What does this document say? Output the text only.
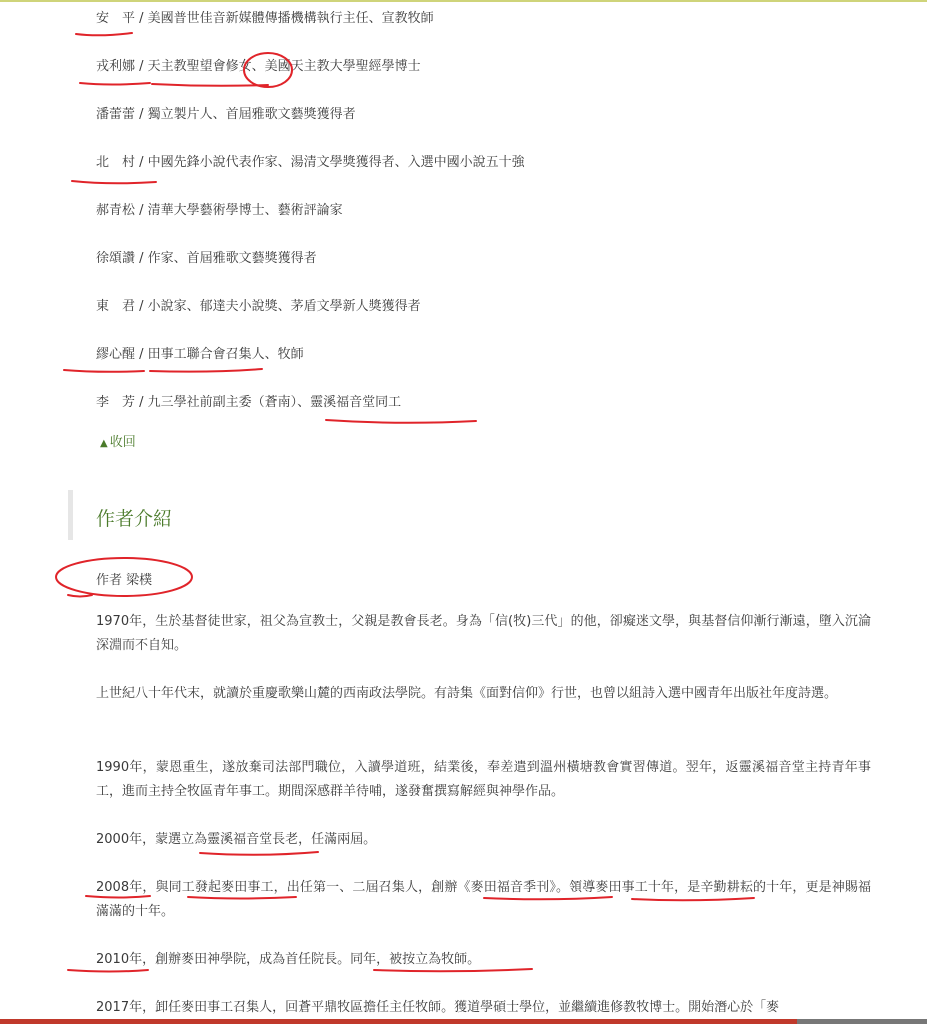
安　平 / 美國普世佳音新媒體傳播機構執行主任、宣教牧師
戎利娜 / 天主教聖望會修女、美國天主教大學聖經學博士
潘蕾蕾 / 獨立製片人、首屆雅歌文藝獎獲得者
北　村 / 中國先鋒小說代表作家、湯清文學獎獲得者、入選中國小說五十強
郝青松 / 清華大學藝術學博士、藝術評論家
徐頌讚 / 作家、首屆雅歌文藝獎獲得者
東　君 / 小說家、郁達夫小說獎、茅盾文學新人獎獲得者
繆心醒 / 田事工聯合會召集人、牧師
李　芳 / 九三學社前副主委（蒼南）、靈溪福音堂同工
▲ 收回
作者介紹
作者 梁樸
1970年，生於基督徒世家，祖父為宣教士，父親是教會長老。身為「信(牧)三代」的他，卻癡迷文學，與基督信仰漸行漸遠，墮入沉淪深淵而不自知。
上世紀八十年代末，就讀於重慶歌樂山麓的西南政法學院。有詩集《面對信仰》行世，也曾以組詩入選中國青年出版社年度詩選。
1990年，蒙恩重生，遂放棄司法部門職位，入讀學道班，結業後，奉差遣到溫州橫塘教會實習傳道。翌年，返靈溪福音堂主持青年事工，進而主持全牧區青年事工。期間深感群羊待哺，遂發奮撰寫解經與神學作品。
2000年，蒙選立為靈溪福音堂長老，任滿兩屆。
2008年，與同工發起麥田事工，出任第一、二屆召集人，創辦《麥田福音季刊》。領導麥田事工十年，是辛勤耕耘的十年，更是神賜福滿滿的十年。
2010年，創辦麥田神學院，成為首任院長。同年，被按立為牧師。
2017年，卸任麥田事工召集人，回蒼平鼎牧區擔任主任牧師。獲道學碩士學位，並繼續進修教牧博士。開始潛心於「麥
